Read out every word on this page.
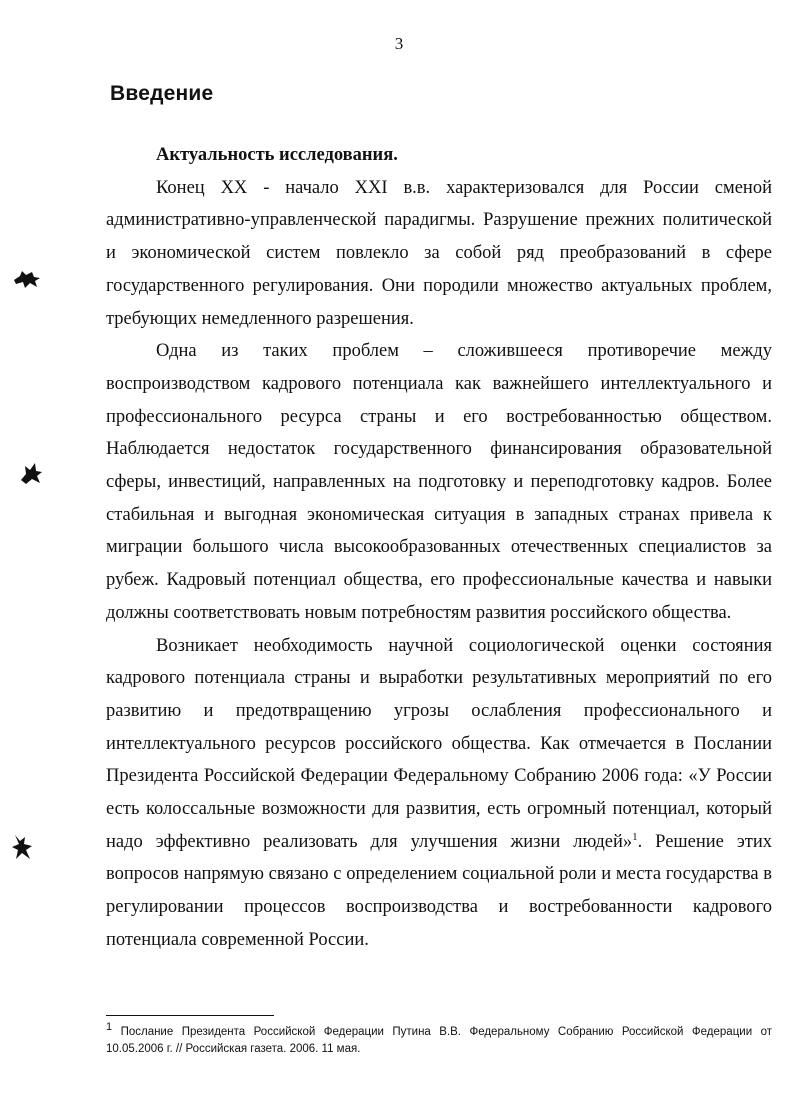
3
Введение

Актуальность исследования.

Конец XX - начало XXI в.в. характеризовался для России сменой административно-управленческой парадигмы. Разрушение прежних политической и экономической систем повлекло за собой ряд преобразований в сфере государственного регулирования. Они породили множество актуальных проблем, требующих немедленного разрешения.

Одна из таких проблем – сложившееся противоречие между воспроизводством кадрового потенциала как важнейшего интеллектуального и профессионального ресурса страны и его востребованностью обществом. Наблюдается недостаток государственного финансирования образовательной сферы, инвестиций, направленных на подготовку и переподготовку кадров. Более стабильная и выгодная экономическая ситуация в западных странах привела к миграции большого числа высокообразованных отечественных специалистов за рубеж. Кадровый потенциал общества, его профессиональные качества и навыки должны соответствовать новым потребностям развития российского общества.

Возникает необходимость научной социологической оценки состояния кадрового потенциала страны и выработки результативных мероприятий по его развитию и предотвращению угрозы ослабления профессионального и интеллектуального ресурсов российского общества. Как отмечается в Послании Президента Российской Федерации Федеральному Собранию 2006 года: «У России есть колоссальные возможности для развития, есть огромный потенциал, который надо эффективно реализовать для улучшения жизни людей»$^1$. Решение этих вопросов напрямую связано с определением социальной роли и места государства в регулировании процессов воспроизводства и востребованности кадрового потенциала современной России.

$^1$ Послание Президента Российской Федерации Путина В.В. Федеральному Собранию Российской Федерации от 10.05.2006 г. // Российская газета. 2006. 11 мая.
